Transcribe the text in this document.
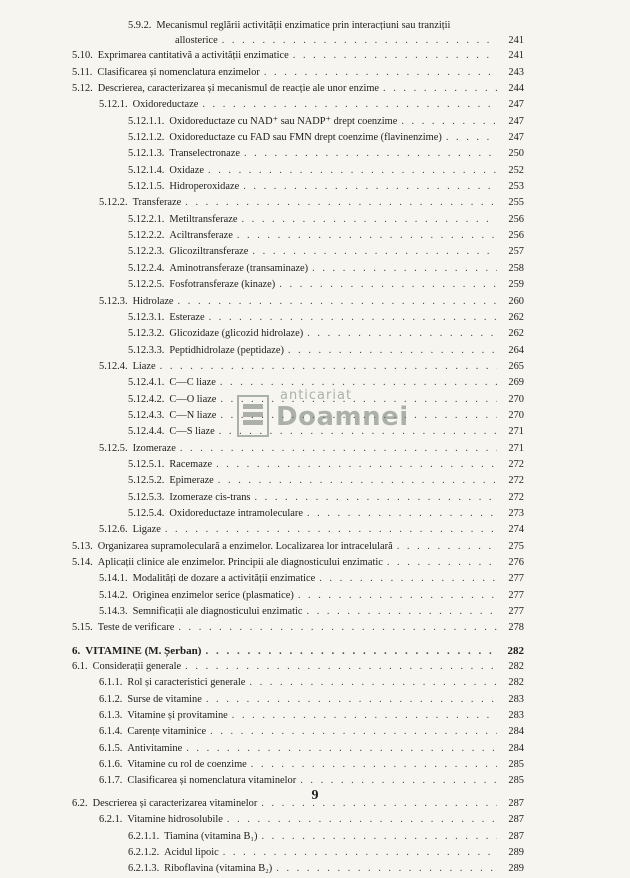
5.9.2. Mecanismul reglării activității enzimatice prin interacțiuni sau tranziții
allosterice . . .	241
5.10. Exprimarea cantitativă a activității enzimatice . . .	241
5.11. Clasificarea și nomenclatura enzimelor . . .	243
5.12. Descrierea, caracterizarea și mecanismul de reacție ale unor enzime . . .	244
5.12.1. Oxidoreductaze . . .	247
5.12.1.1. Oxidoreductaze cu NAD⁺ sau NADP⁺ drept coenzime . . .	247
5.12.1.2. Oxidoreductaze cu FAD sau FMN drept coenzime (flavinenzime) . . .	247
5.12.1.3. Transelectronaze . . .	250
5.12.1.4. Oxidaze . . .	252
5.12.1.5. Hidroperoxidaze . . .	253
5.12.2. Transferaze . . .	255
5.12.2.1. Metiltransferaze . . .	256
5.12.2.2. Aciltransferaze . . .	256
5.12.2.3. Glicoziltransferaze . . .	257
5.12.2.4. Aminotransferaze (transaminaze) . . .	258
5.12.2.5. Fosfotransferaze (kinaze) . . .	259
5.12.3. Hidrolaze . . .	260
5.12.3.1. Esteraze . . .	262
5.12.3.2. Glicozidaze (glicozid hidrolaze) . . .	262
5.12.3.3. Peptidhidrolaze (peptidaze) . . .	264
5.12.4. Liaze . . .	265
5.12.4.1. C—C liaze . . .	269
5.12.4.2. C—O liaze . . .	270
5.12.4.3. C—N liaze . . .	270
5.12.4.4. C—S liaze . . .	271
5.12.5. Izomeraze . . .	271
5.12.5.1. Racemaze . . .	272
5.12.5.2. Epimeraze . . .	272
5.12.5.3. Izomeraze cis-trans . . .	272
5.12.5.4. Oxidoreductaze intramoleculare . . .	273
5.12.6. Ligaze . . .	274
5.13. Organizarea supramoleculară a enzimelor. Localizarea lor intracelulară . . .	275
5.14. Aplicații clinice ale enzimelor. Principii ale diagnosticului enzimatic . . .	276
5.14.1. Modalități de dozare a activității enzimatice . . .	277
5.14.2. Originea enzimelor serice (plasmatice) . . .	277
5.14.3. Semnificații ale diagnosticului enzimatic . . .	277
5.15. Teste de verificare . . .	278
6. VITAMINE (M. Șerban) . . .	282
6.1. Considerații generale . . .	282
6.1.1. Rol și caracteristici generale . . .	282
6.1.2. Surse de vitamine . . .	283
6.1.3. Vitamine și provitamine . . .	283
6.1.4. Carențe vitaminice . . .	284
6.1.5. Antivitamine . . .	284
6.1.6. Vitamine cu rol de coenzime . . .	285
6.1.7. Clasificarea și nomenclatura vitaminelor . . .	285
6.2. Descrierea și caracterizarea vitaminelor . . .	287
6.2.1. Vitamine hidrosolubile . . .	287
6.2.1.1. Tiamina (vitamina B₁) . . .	287
6.2.1.2. Acidul lipoic . . .	289
6.2.1.3. Riboflavina (vitamina B₂) . . .	289
anticariat
Doamnei
9
